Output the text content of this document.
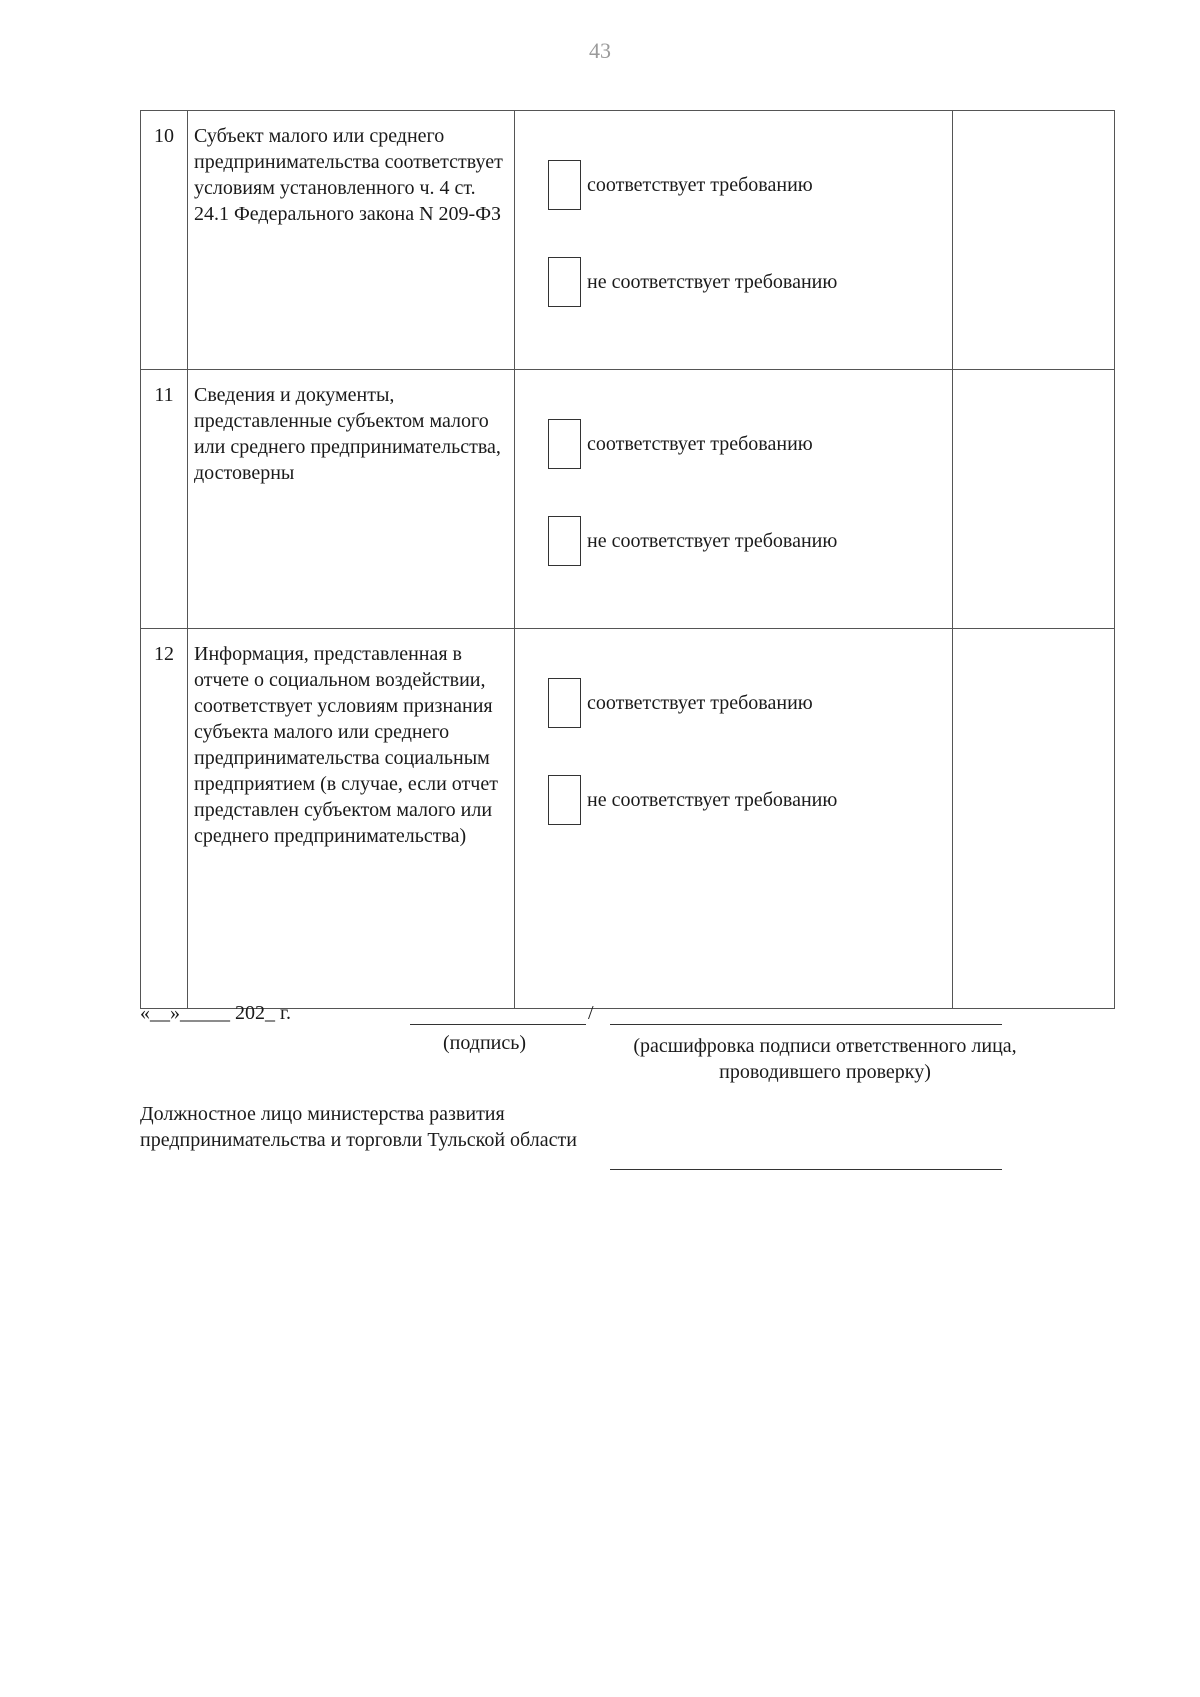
43
10	Субъект малого или среднего предпринимательства соответствует условиям установленного ч. 4 ст. 24.1 Федерального закона N 209-ФЗ	соответствует требованию
не соответствует требованию	

11	Сведения и документы, представленные субъектом малого или среднего предпринимательства, достоверны	соответствует требованию
не соответствует требованию	

12	Информация, представленная в отчете о социальном воздействии, соответствует условиям признания субъекта малого или среднего предпринимательства социальным предприятием (в случае, если отчет представлен субъектом малого или среднего предпринимательства)	соответствует требованию
не соответствует требованию	

«__»_____ 202_ г.	/
(подпись)	(расшифровка подписи ответственного лица, проводившего проверку)
Должностное лицо министерства развития предпринимательства и торговли Тульской области
